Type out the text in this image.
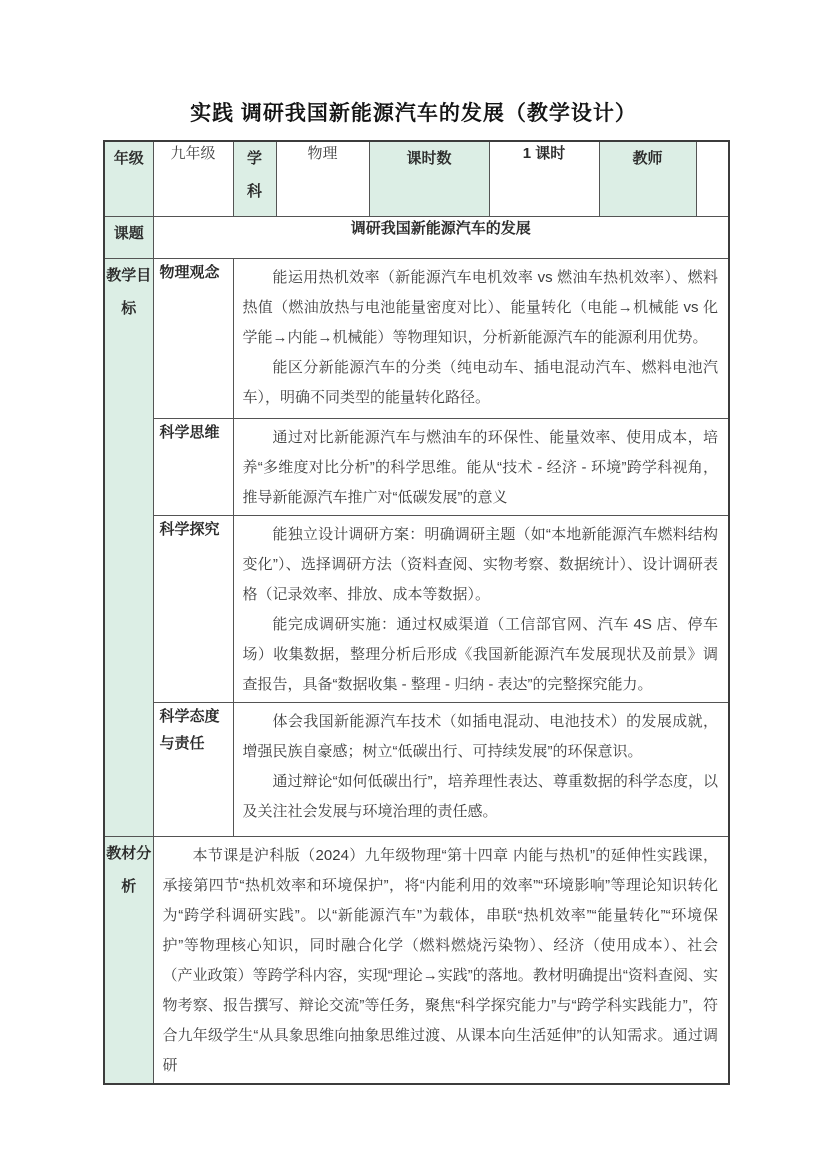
实践 调研我国新能源汽车的发展（教学设计）
年级	九年级	学科	物理	课时数	1 课时	教师	
课题	调研我国新能源汽车的发展						
教学目标	物理观念	能运用热机效率（新能源汽车电机效率 vs 燃油车热机效率）、燃料热值（燃油放热与电池能量密度对比）、能量转化（电能→机械能 vs 化学能→内能→机械能）等物理知识，分析新能源汽车的能源利用优势。

能区分新能源汽车的分类（纯电动车、插电混动汽车、燃料电池汽车），明确不同类型的能量转化路径。					

	科学思维	通过对比新能源汽车与燃油车的环保性、能量效率、使用成本，培养“多维度对比分析”的科学思维。能从“技术 - 经济 - 环境”跨学科视角，推导新能源汽车推广对“低碳发展”的意义					

	科学探究	能独立设计调研方案：明确调研主题（如“本地新能源汽车燃料结构变化”）、选择调研方法（资料查阅、实物考察、数据统计）、设计调研表格（记录效率、排放、成本等数据）。

能完成调研实施：通过权威渠道（工信部官网、汽车 4S 店、停车场）收集数据，整理分析后形成《我国新能源汽车发展现状及前景》调查报告，具备“数据收集 - 整理 - 归纳 - 表达”的完整探究能力。					

	科学态度与责任	体会我国新能源汽车技术（如插电混动、电池技术）的发展成就，增强民族自豪感；树立“低碳出行、可持续发展”的环保意识。

通过辩论“如何低碳出行”，培养理性表达、尊重数据的科学态度，以及关注社会发展与环境治理的责任感。					

教材分析	本节课是沪科版（2024）九年级物理“第十四章 内能与热机”的延伸性实践课，承接第四节“热机效率和环境保护”，将“内能利用的效率”“环境影响”等理论知识转化为“跨学科调研实践”。以“新能源汽车”为载体，串联“热机效率”“能量转化”“环境保护”等物理核心知识，同时融合化学（燃料燃烧污染物）、经济（使用成本）、社会（产业政策）等跨学科内容，实现“理论→实践”的落地。教材明确提出“资料查阅、实物考察、报告撰写、辩论交流”等任务，聚焦“科学探究能力”与“跨学科实践能力”，符合九年级学生“从具象思维向抽象思维过渡、从课本向生活延伸”的认知需求。通过调研						
